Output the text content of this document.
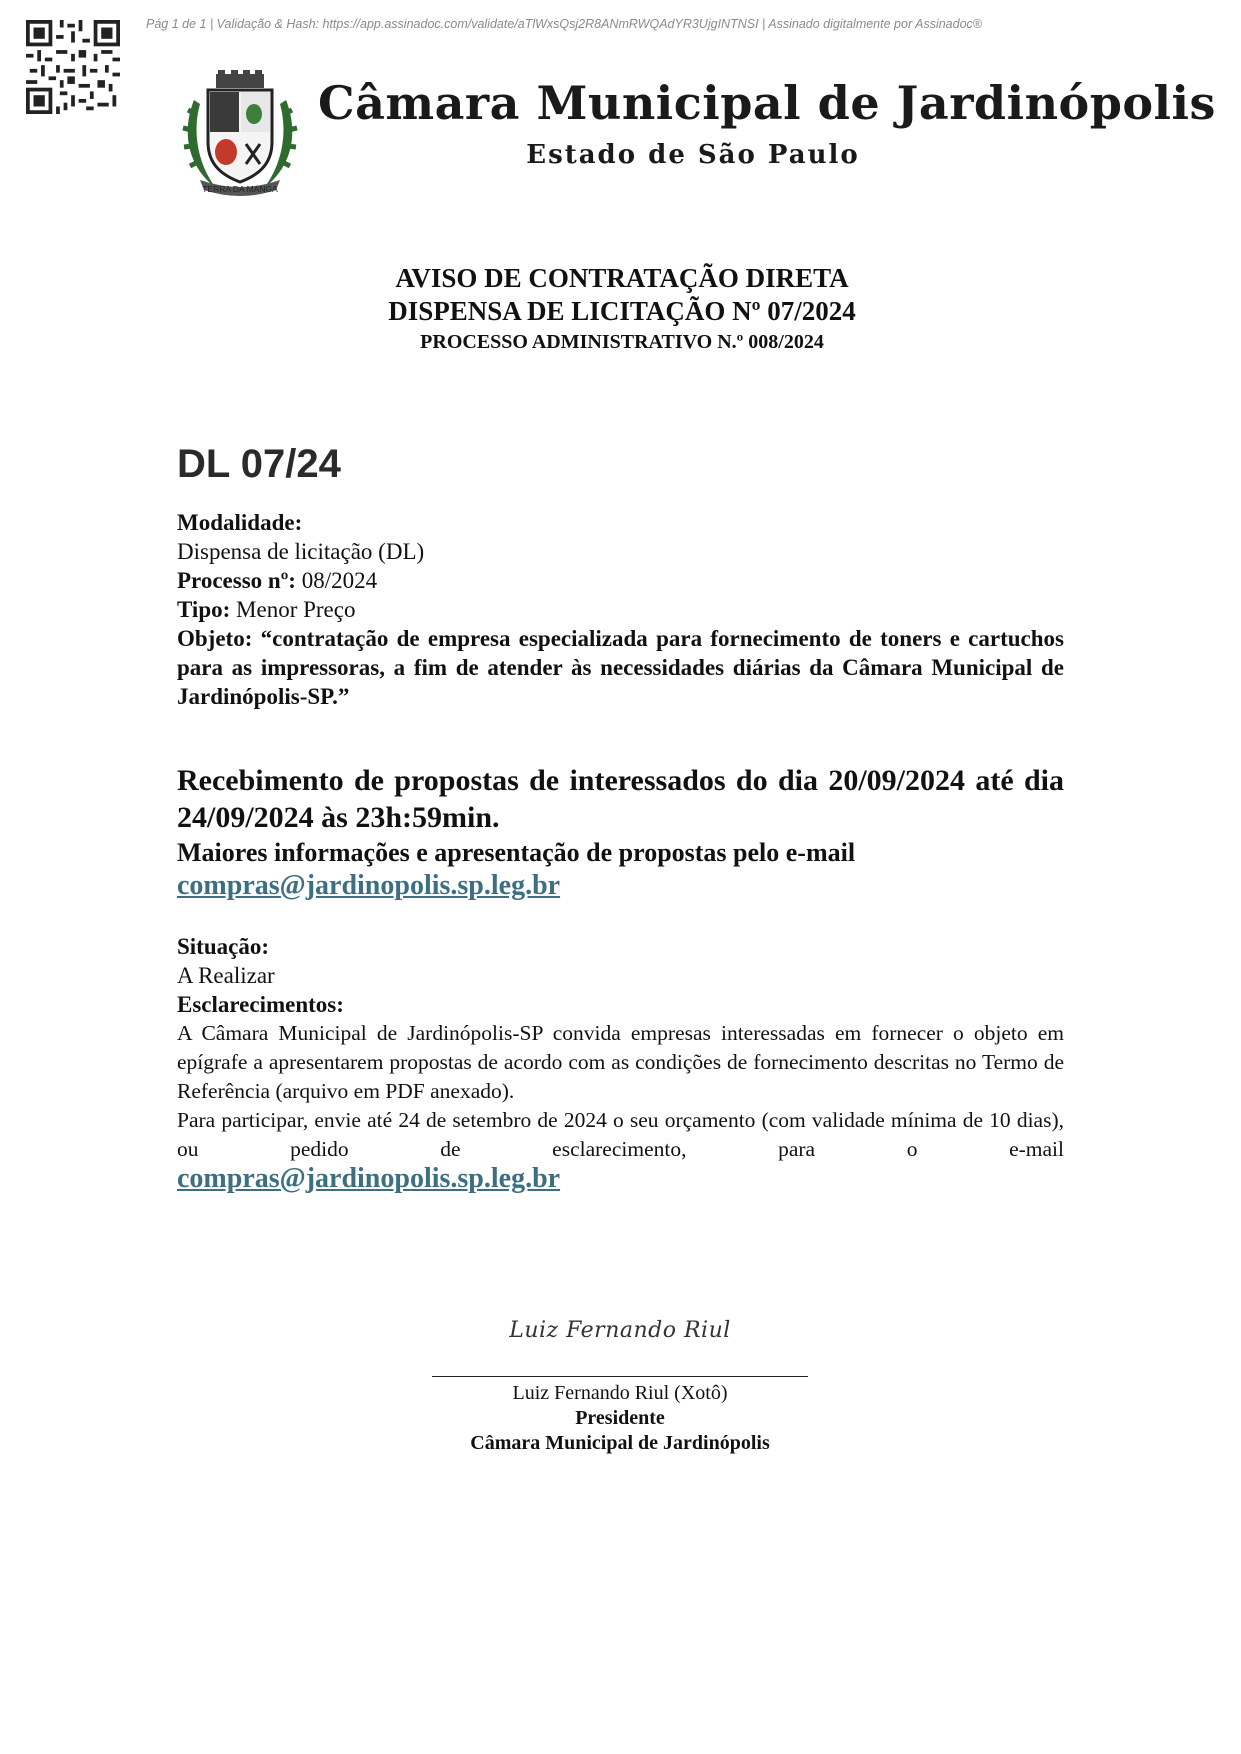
Pág 1 de 1 | Validação & Hash: https://app.assinadoc.com/validate/aTlWxsQsj2R8ANmRWQAdYR3UjgINTNSI | Assinado digitalmente por Assinadoc®
TERRA DA MANGA
Câmara Municipal de Jardinópolis
Estado de São Paulo
AVISO DE CONTRATAÇÃO DIRETA
DISPENSA DE LICITAÇÃO Nº 07/2024
PROCESSO ADMINISTRATIVO N.º 008/2024
DL 07/24
Modalidade:
Dispensa de licitação (DL)
Processo nº: 08/2024
Tipo: Menor Preço
Objeto: “contratação de empresa especializada para fornecimento de toners e cartuchos para as impressoras, a fim de atender às necessidades diárias da Câmara Municipal de Jardinópolis-SP.”
Recebimento de propostas de interessados do dia 20/09/2024 até dia 24/09/2024 às 23h:59min.
Maiores informações e apresentação de propostas pelo e-mail
compras@jardinopolis.sp.leg.br
Situação:
A Realizar
Esclarecimentos:
A Câmara Municipal de Jardinópolis-SP convida empresas interessadas em fornecer o objeto em epígrafe a apresentarem propostas de acordo com as condições de fornecimento descritas no Termo de Referência (arquivo em PDF anexado).
Para participar, envie até 24 de setembro de 2024 o seu orçamento (com validade mínima de 10 dias), ou pedido de esclarecimento, para o e-mail
compras@jardinopolis.sp.leg.br
Luiz Fernando Riul
Luiz Fernando Riul (Xotô)
Presidente
Câmara Municipal de Jardinópolis
